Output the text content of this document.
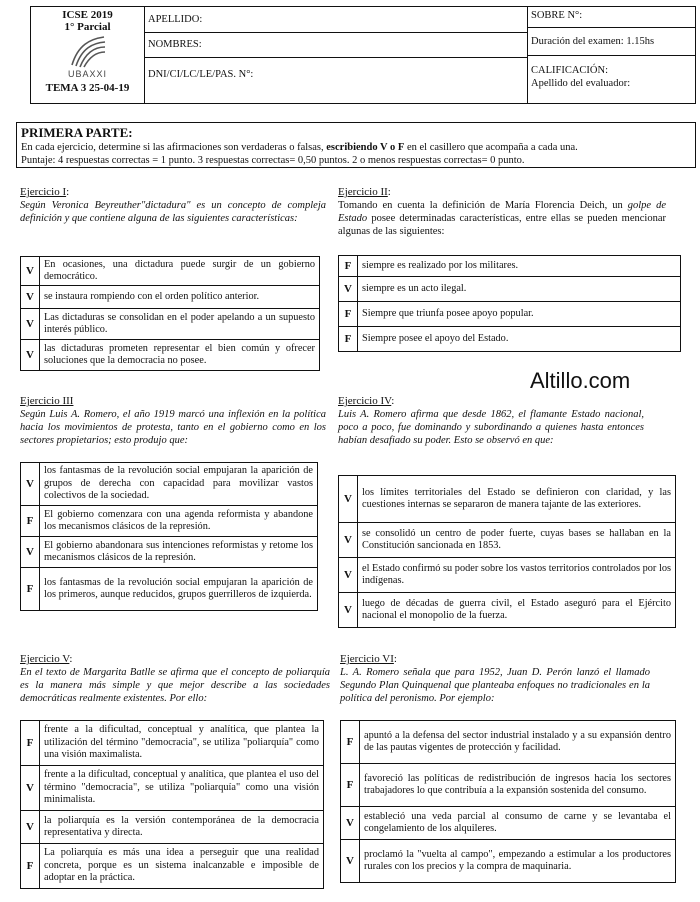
ICSE 2019
1° Parcial
UBAXXI
TEMA 3 25-04-19
APELLIDO:
NOMBRES:
DNI/CI/LC/LE/PAS. N°:
SOBRE N°:
Duración del examen: 1.15hs
CALIFICACIÓN:
Apellido del evaluador:
PRIMERA PARTE:
En cada ejercicio, determine si las afirmaciones son verdaderas o falsas, escribiendo V o F en el casillero que acompaña a cada una.
Puntaje: 4 respuestas correctas = 1 punto. 3 respuestas correctas= 0,50 puntos. 2 o menos respuestas correctas= 0 punto.
Altillo.com
Ejercicio I:
Según Veronica Beyreuther"dictadura" es un concepto de compleja definición y que contiene alguna de las siguientes características:
V	En ocasiones, una dictadura puede surgir de un gobierno democrático.
V	se instaura rompiendo con el orden político anterior.
V	Las dictaduras se consolidan en el poder apelando a un supuesto interés público.
V	las dictaduras prometen representar el bien común y ofrecer soluciones que la democracia no posee.
Ejercicio II:
Tomando en cuenta la definición de María Florencia Deich, un golpe de Estado posee determinadas características, entre ellas se pueden mencionar algunas de las siguientes:
F	siempre es realizado por los militares.
V	siempre es un acto ilegal.
F	Siempre que triunfa posee apoyo popular.
F	Siempre posee el apoyo del Estado.
Ejercicio III
Según Luis A. Romero, el año 1919 marcó una inflexión en la política hacia los movimientos de protesta, tanto en el gobierno como en los sectores propietarios; esto produjo que:
V	los fantasmas de la revolución social empujaran la aparición de grupos de derecha con capacidad para movilizar vastos colectivos de la sociedad.
F	El gobierno comenzara con una agenda reformista y abandone los mecanismos clásicos de la represión.
V	El gobierno abandonara sus intenciones reformistas y retome los mecanismos clásicos de la represión.
F	los fantasmas de la revolución social empujaran la aparición de los primeros, aunque reducidos, grupos guerrilleros de izquierda.
Ejercicio IV:
Luis A. Romero afirma que desde 1862, el flamante Estado nacional, poco a poco, fue dominando y subordinando a quienes hasta entonces habían desafiado su poder. Esto se observó en que:
V	los límites territoriales del Estado se definieron con claridad, y las cuestiones internas se separaron de manera tajante de las exteriores.
V	se consolidó un centro de poder fuerte, cuyas bases se hallaban en la Constitución sancionada en 1853.
V	el Estado confirmó su poder sobre los vastos territorios controlados por los indígenas.
V	luego de décadas de guerra civil, el Estado aseguró para el Ejército nacional el monopolio de la fuerza.
Ejercicio V:
En el texto de Margarita Batlle se afirma que el concepto de poliarquía es la manera más simple y que mejor describe a las sociedades democráticas realmente existentes. Por ello:
F	frente a la dificultad, conceptual y analítica, que plantea la utilización del término "democracia", se utiliza "poliarquía" como una visión maximalista.
V	frente a la dificultad, conceptual y analítica, que plantea el uso del término "democracia", se utiliza "poliarquía" como una visión minimalista.
V	la poliarquía es la versión contemporánea de la democracia representativa y directa.
F	La poliarquía es más una idea a perseguir que una realidad concreta, porque es un sistema inalcanzable e imposible de adoptar en la práctica.
Ejercicio VI:
L. A. Romero señala que para 1952, Juan D. Perón lanzó el llamado Segundo Plan Quinquenal que planteaba enfoques no tradicionales en la política del peronismo. Por ejemplo:
F	apuntó a la defensa del sector industrial instalado y a su expansión dentro de las pautas vigentes de protección y facilidad.
F	favoreció las políticas de redistribución de ingresos hacia los sectores trabajadores lo que contribuía a la expansión sostenida del consumo.
V	estableció una veda parcial al consumo de carne y se levantaba el congelamiento de los alquileres.
V	proclamó la "vuelta al campo", empezando a estimular a los productores rurales con los precios y la compra de maquinaria.
